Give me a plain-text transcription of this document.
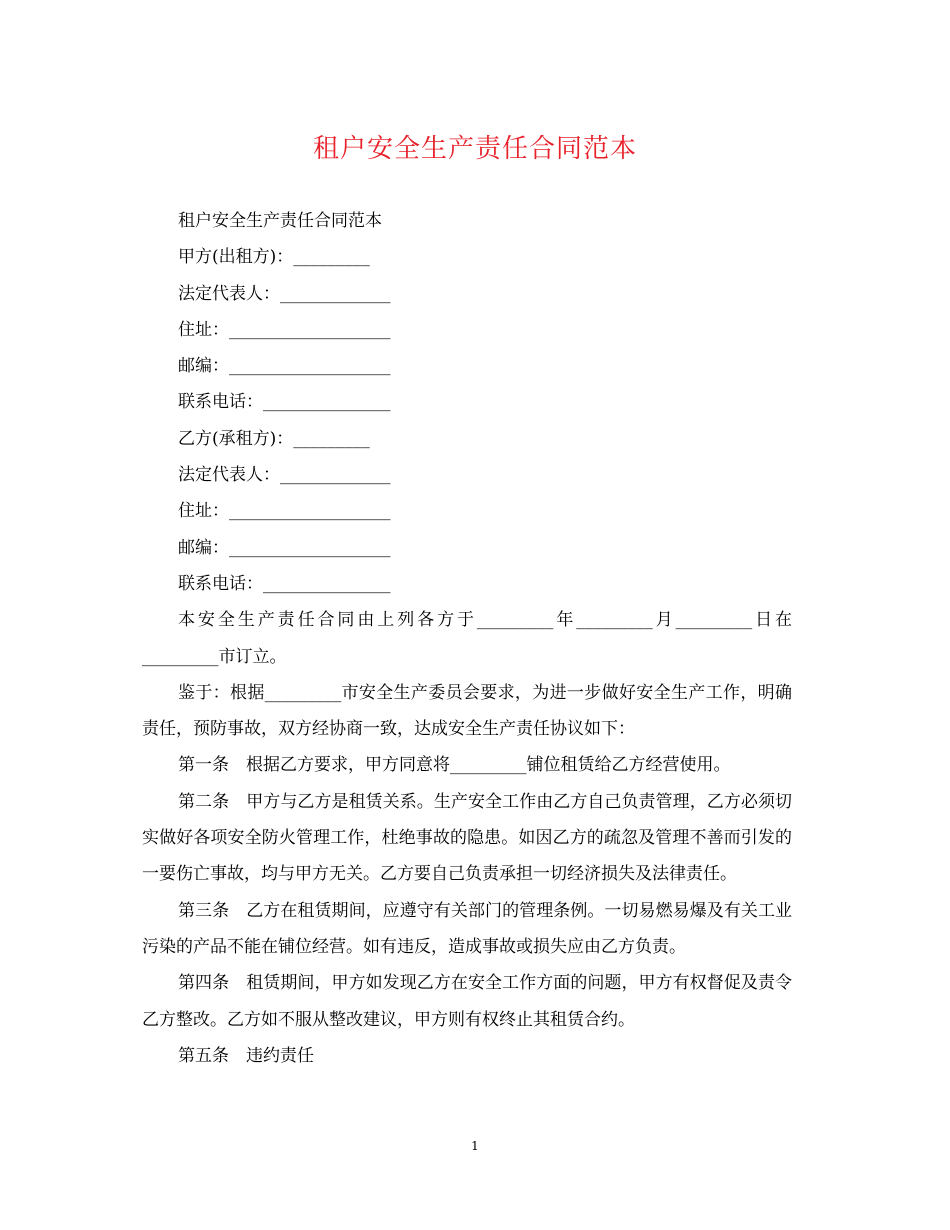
租户安全生产责任合同范本

租户安全生产责任合同范本

甲方(出租方)：_________

法定代表人：_____________

住址：___________________

邮编：___________________

联系电话：_______________

乙方(承租方)：_________

法定代表人：_____________

住址：___________________

邮编：___________________

联系电话：_______________

本安全生产责任合同由上列各方于_________年_________月_________日在_________市订立。

鉴于：根据_________市安全生产委员会要求，为进一步做好安全生产工作，明确责任，预防事故，双方经协商一致，达成安全生产责任协议如下：

第一条　根据乙方要求，甲方同意将_________铺位租赁给乙方经营使用。

第二条　甲方与乙方是租赁关系。生产安全工作由乙方自己负责管理，乙方必须切实做好各项安全防火管理工作，杜绝事故的隐患。如因乙方的疏忽及管理不善而引发的一要伤亡事故，均与甲方无关。乙方要自己负责承担一切经济损失及法律责任。

第三条　乙方在租赁期间，应遵守有关部门的管理条例。一切易燃易爆及有关工业污染的产品不能在铺位经营。如有违反，造成事故或损失应由乙方负责。

第四条　租赁期间，甲方如发现乙方在安全工作方面的问题，甲方有权督促及责令乙方整改。乙方如不服从整改建议，甲方则有权终止其租赁合约。

第五条　违约责任

1
